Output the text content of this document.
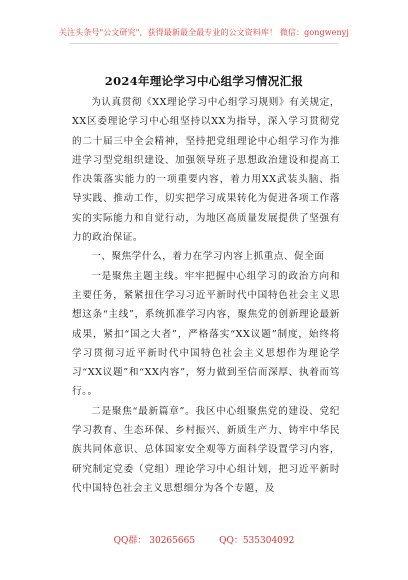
关注头条号"公文研究"，获得最新最全最专业的公文资料库！ 微信：gongwenyj
2024年理论学习中心组学习情况汇报

为认真贯彻《XX理论学习中心组学习规则》有关规定，XX区委理论学习中心组坚持以XX为指导，深入学习贯彻党的二十届三中全会精神，坚持把党组理论中心组学习作为推进学习型党组织建设、加强领导班子思想政治建设和提高工作决策落实能力的一项重要内容，着力用XX武装头脑、指导实践、推动工作，切实把学习成果转化为促进各项工作落实的实际能力和自觉行动，为地区高质量发展提供了坚强有力的政治保证。

一、聚焦学什么，着力在学习内容上抓重点、促全面

一是聚焦主题主线。牢牢把握中心组学习的政治方向和主要任务，紧紧扭住学习习近平新时代中国特色社会主义思想这条“主线”，系统抓准学习内容，聚焦党的创新理论最新成果，紧扣“国之大者”，严格落实“XX议题”制度，始终将学习贯彻习近平新时代中国特色社会主义思想作为理论学习“XX议题”和“XX内容”，努力做到至信而深厚、执着而笃行。。

二是聚焦“最新篇章”。我区中心组聚焦党的建设、党纪学习教育、生态环保、乡村振兴、新质生产力、铸牢中华民族共同体意识、总体国家安全观等方面科学设置学习内容，研究制定党委（党组）理论学习中心组计划，把习近平新时代中国特色社会主义思想细分为各个专题，及

QQ群： 30265665	QQ：535304092
